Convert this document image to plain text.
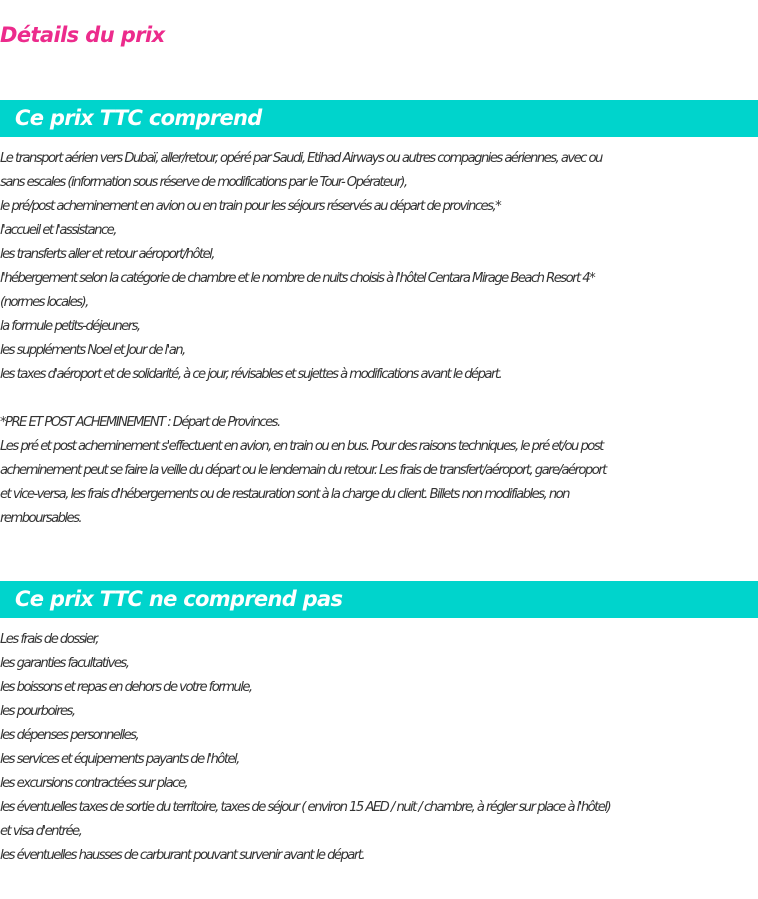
Détails du prix
Ce prix TTC comprend
Le transport aérien vers Dubaï, aller/retour, opéré par Saudi, Etihad Airways ou autres compagnies aériennes, avec ou
sans escales (information sous réserve de modifications par le Tour- Opérateur),
le pré/post acheminement en avion ou en train pour les séjours réservés au départ de provinces,*
l'accueil et l'assistance,
les transferts aller et retour aéroport/hôtel,
l'hébergement selon la catégorie de chambre et le nombre de nuits choisis à l'hôtel Centara Mirage Beach Resort 4*
(normes locales),
la formule petits-déjeuners,
les suppléments Noel et Jour de l'an,
les taxes d'aéroport et de solidarité, à ce jour, révisables et sujettes à modifications avant le départ.
*PRE ET POST ACHEMINEMENT : Départ de Provinces.
Les pré et post acheminement s'effectuent en avion, en train ou en bus. Pour des raisons techniques, le pré et/ou post
acheminement peut se faire la veille du départ ou le lendemain du retour. Les frais de transfert/aéroport, gare/aéroport
et vice-versa, les frais d'hébergements ou de restauration sont à la charge du client. Billets non modifiables, non
remboursables.
Ce prix TTC ne comprend pas
Les frais de dossier,
les garanties facultatives,
les boissons et repas en dehors de votre formule,
les pourboires,
les dépenses personnelles,
les services et équipements payants de l'hôtel,
les excursions contractées sur place,
les éventuelles taxes de sortie du territoire, taxes de séjour ( environ 15 AED / nuit / chambre, à régler sur place à l'hôtel)
et visa d'entrée,
les éventuelles hausses de carburant pouvant survenir avant le départ.
